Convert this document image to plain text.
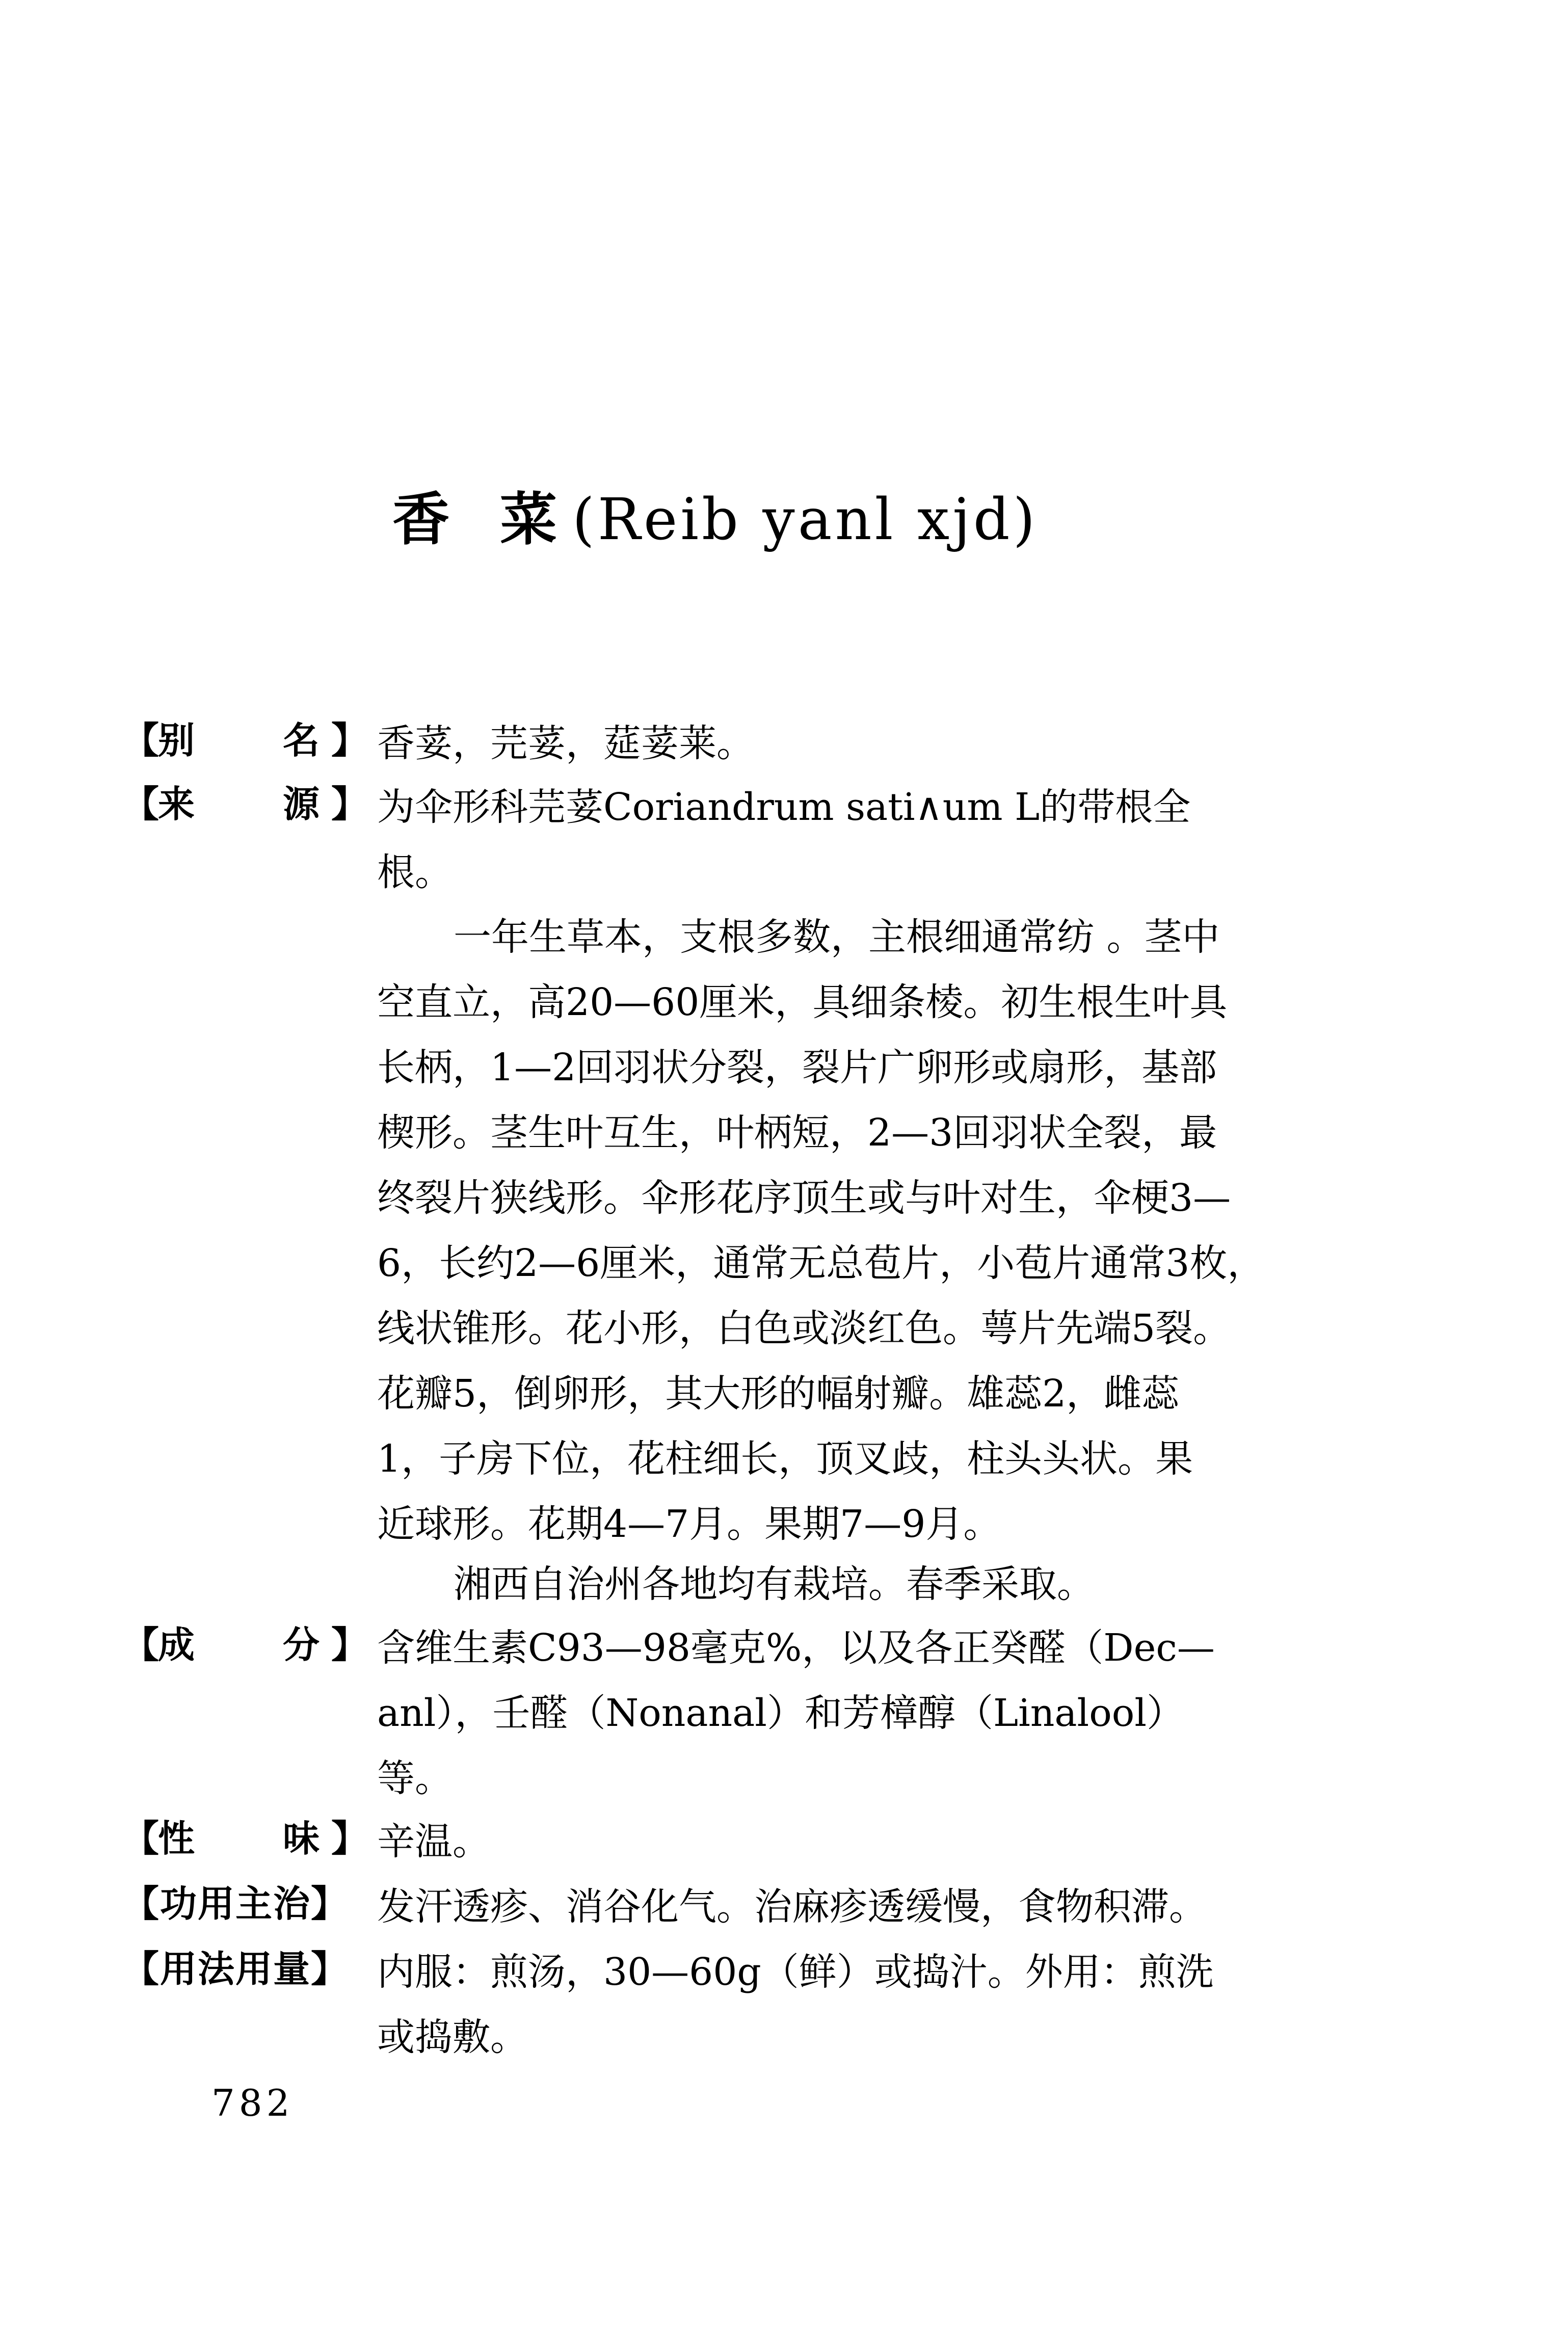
香 菜(Reib yanl xjd)
【
别 名 】 香荽，芫荽，莚荽莱。
【
来 源 】 为伞形科芫荽Coriandrum sati∧um L的带根全
根。
一年生草本，支根多数，主根细通常纺 。茎中
空直立，高20—60厘米，具细条棱。初生根生叶具
长柄，1—2回羽状分裂，裂片广卵形或扇形，基部
楔形。茎生叶互生，叶柄短，2—3回羽状全裂，最
终裂片狭线形。伞形花序顶生或与叶对生，伞梗3—
6，长约2—6厘米，通常无总苞片，小苞片通常3枚，
线状锥形。花小形，白色或淡红色。萼片先端5裂。
花瓣5，倒卵形，其大形的幅射瓣。雄蕊2，雌蕊
1，子房下位，花柱细长，顶叉歧，柱头头状。果
近球形。花期4—7月。果期7—9月。
湘西自治州各地均有栽培。春季采取。
【
成 分 】 含维生素C93—98毫克%，以及各正癸醛（Dec—
anl），壬醛（Nonanal）和芳樟醇（Linalool）
等。
【
性 味 】 辛温。
【功用主治】 发汗透疹、消谷化气。治麻疹透缓慢，食物积滞。
【用法用量】 内服：煎汤，30—60g（鲜）或捣汁。外用：煎洗
或捣敷。
782
